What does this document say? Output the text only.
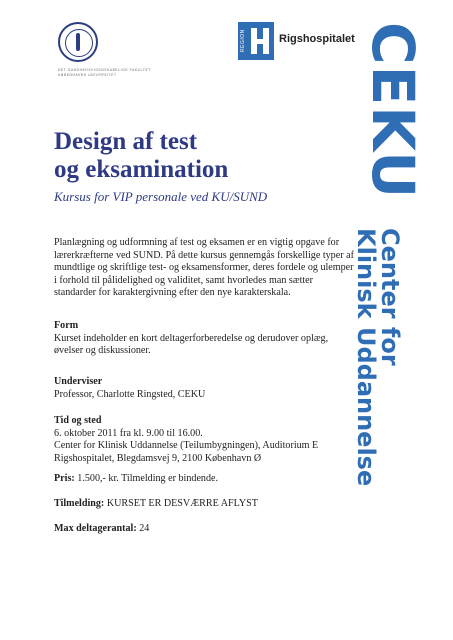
DET SUNDHEDSVIDENSKABELIGE FAKULTET KØBENHAVNS UNIVERSITET
REGION	Rigshospitalet CEKU
Center for
Klinisk Uddannelse
Design af test
og eksamination

Kursus for VIP personale ved KU/SUND

Planlægning og udformning af test og eksamen er en vigtig opgave for lærerkræfterne ved SUND. På dette kursus gennemgås forskellige typer af mundtlige og skriftlige test- og eksamensformer, deres fordele og ulemper i forhold til pålidelighed og validitet, samt hvorledes man sætter standarder for karaktergivning efter den nye karakterskala.
Form
Kurset indeholder en kort deltagerforberedelse og derudover oplæg, øvelser og diskussioner.
Underviser
Professor, Charlotte Ringsted, CEKU
Tid og sted
6. oktober 2011 fra kl. 9.00 til 16.00.
Center for Klinisk Uddannelse (Teilumbygningen), Auditorium E
Rigshospitalet, Blegdamsvej 9, 2100 København Ø
Pris: 1.500,- kr. Tilmelding er bindende.
Tilmelding: KURSET ER DESVÆRRE AFLYST
Max deltagerantal: 24
